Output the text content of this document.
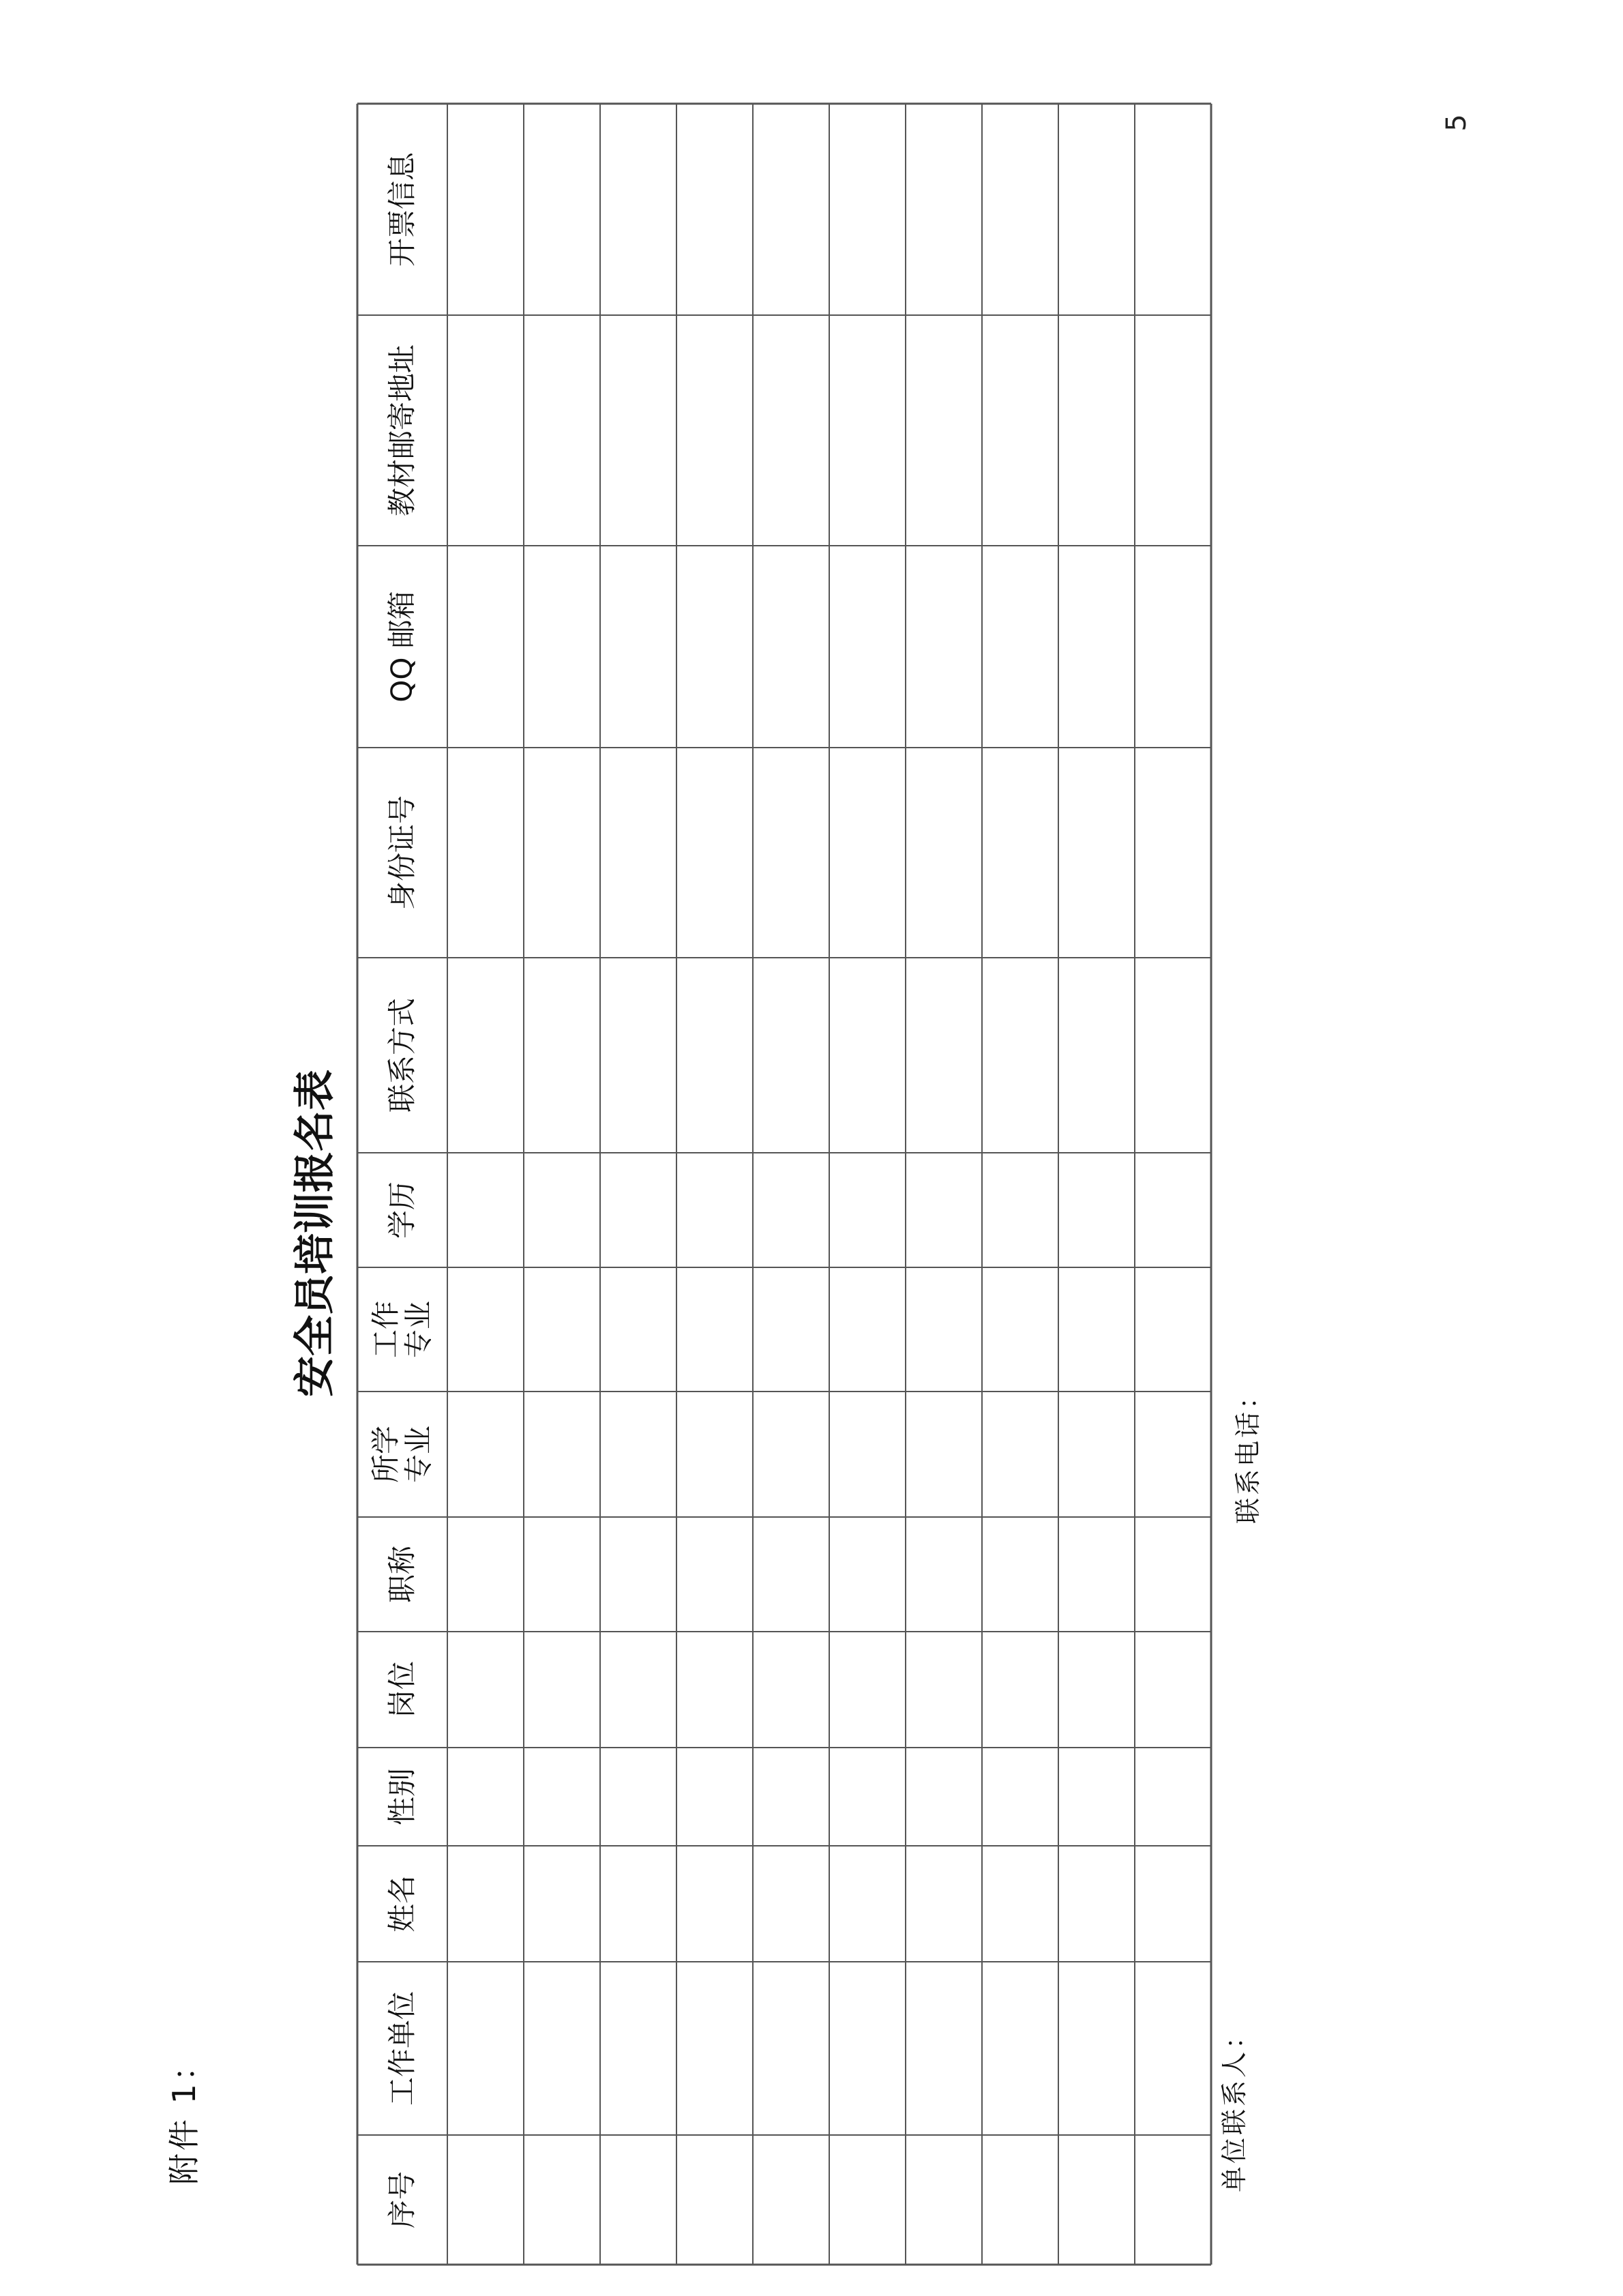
5
附件 1：
安全员培训报名表
序号
工作单位
姓名
性别
岗位
职称
所学
专业
工作
专业
学历
联系方式
身份证号
QQ 邮箱
教材邮寄地址
开票信息
单位联系人：
联系电话：
